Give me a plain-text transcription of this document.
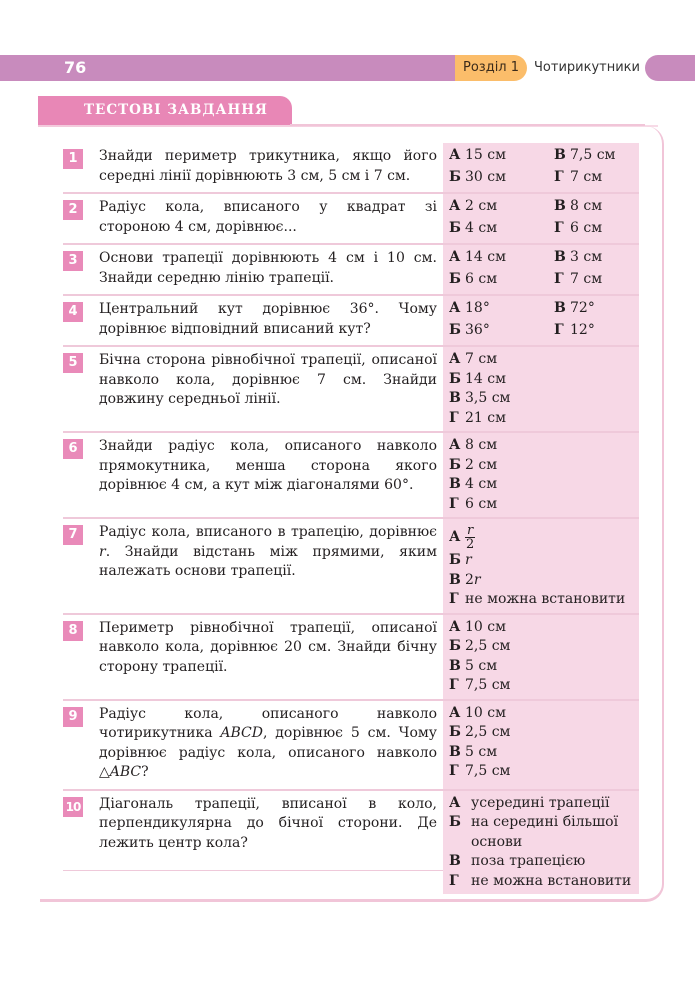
76	Розділ 1	Чотирикутники
ТЕСТОВІ ЗАВДАННЯ
1	Знайди периметр трикутника, якщо його середні лінії дорівнюють 3 см, 5 см і 7 см.
А 15 см	В 7,5 см
Б 30 см	Г 7 см
2	Радіус кола, вписаного у квадрат зі стороною 4 см, дорівнює...
А 2 см	В 8 см
Б 4 см	Г 6 см
3	Основи трапеції дорівнюють 4 см і 10 см. Знайди середню лінію трапеції.
А 14 см	В 3 см
Б 6 см	Г 7 см
4	Центральний кут дорівнює 36°. Чому дорівнює відповідний вписаний кут?
А 18°	В 72°
Б 36°	Г 12°
5	Бічна сторона рівнобічної трапеції, описаної навколо кола, дорівнює 7 см. Знайди довжину середньої лінії.
А 7 см
Б 14 см
В 3,5 см
Г 21 см
6	Знайди радіус кола, описаного навколо прямокутника, менша сторона якого дорівнює 4 см, а кут між діагоналями 60°.
А 8 см
Б 2 см
В 4 см
Г 6 см
7	Радіус кола, вписаного в трапецію, дорівнює r. Знайди відстань між прямими, яким належать основи трапеції.
А $\frac{r}{2}$
Б r
В 2r
Г не можна встановити
8	Периметр рівнобічної трапеції, описаної навколо кола, дорівнює 20 см. Знайди бічну сторону трапеції.
А 10 см
Б 2,5 см
В 5 см
Г 7,5 см
9	Радіус кола, описаного навколо чотирикутника ABCD, дорівнює 5 см. Чому дорівнює радіус кола, описаного навколо △ABC?
А 10 см
Б 2,5 см
В 5 см
Г 7,5 см
10	Діагональ трапеції, вписаної в коло, перпендикулярна до бічної сторони. Де лежить центр кола?
А усередині трапеції
Б на середині більшої основи
В поза трапецією
Г не можна встановити
